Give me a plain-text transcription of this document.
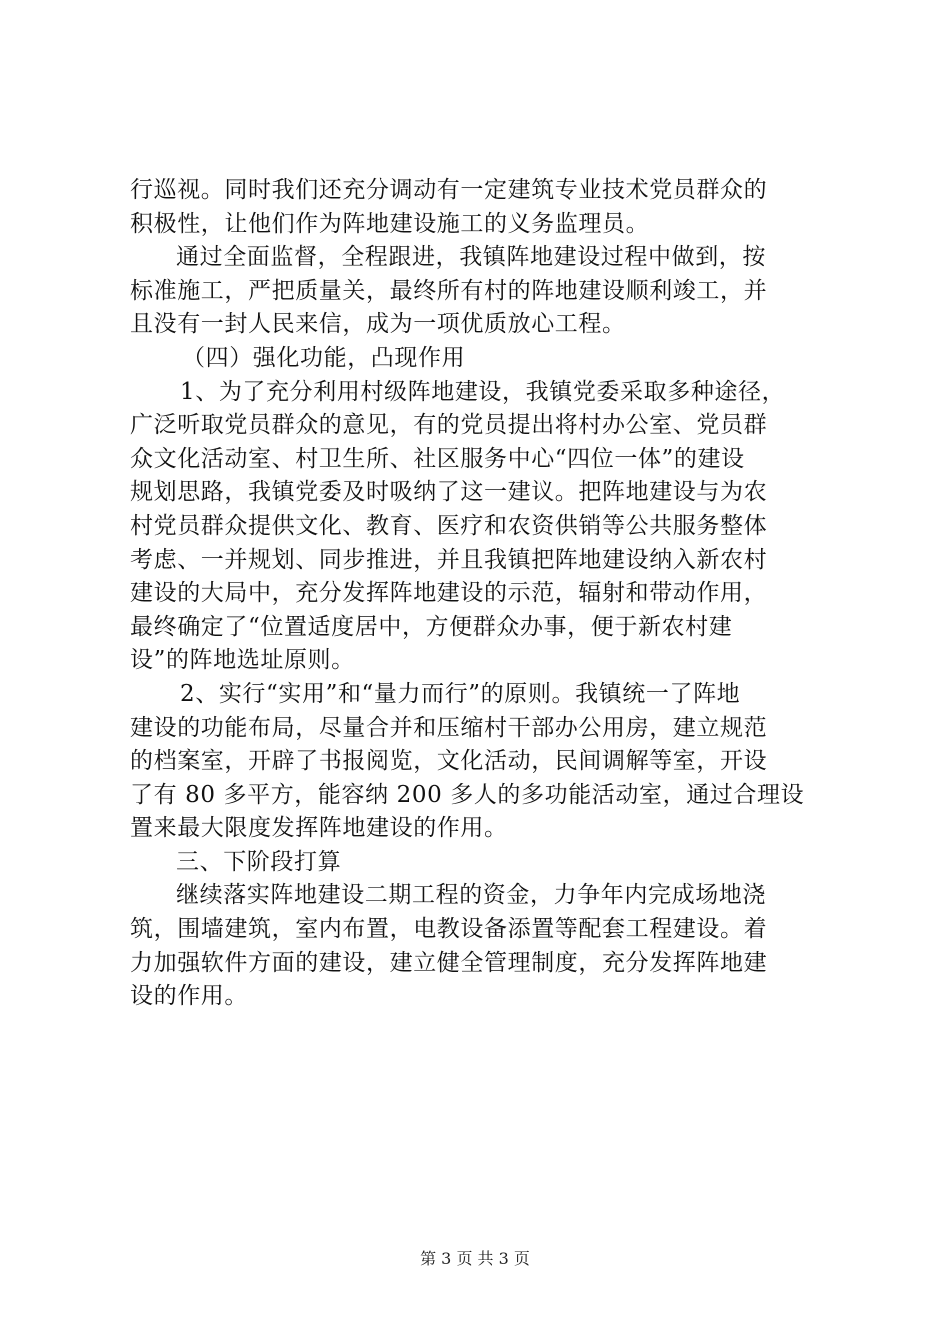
行巡视。同时我们还充分调动有一定建筑专业技术党员群众的
积极性，让他们作为阵地建设施工的义务监理员。
通过全面监督，全程跟进，我镇阵地建设过程中做到，按
标准施工，严把质量关，最终所有村的阵地建设顺利竣工，并
且没有一封人民来信，成为一项优质放心工程。
（四）强化功能，凸现作用
1、为了充分利用村级阵地建设，我镇党委采取多种途径，
广泛听取党员群众的意见，有的党员提出将村办公室、党员群
众文化活动室、村卫生所、社区服务中心“四位一体”的建设
规划思路，我镇党委及时吸纳了这一建议。把阵地建设与为农
村党员群众提供文化、教育、医疗和农资供销等公共服务整体
考虑、一并规划、同步推进，并且我镇把阵地建设纳入新农村
建设的大局中，充分发挥阵地建设的示范，辐射和带动作用，
最终确定了“位置适度居中，方便群众办事，便于新农村建
设”的阵地选址原则。
2、实行“实用”和“量力而行”的原则。我镇统一了阵地
建设的功能布局，尽量合并和压缩村干部办公用房，建立规范
的档案室，开辟了书报阅览，文化活动，民间调解等室，开设
了有 80 多平方，能容纳 200 多人的多功能活动室，通过合理设
置来最大限度发挥阵地建设的作用。
三、下阶段打算
继续落实阵地建设二期工程的资金，力争年内完成场地浇
筑，围墙建筑，室内布置，电教设备添置等配套工程建设。着
力加强软件方面的建设，建立健全管理制度，充分发挥阵地建
设的作用。
第 3 页 共 3 页
